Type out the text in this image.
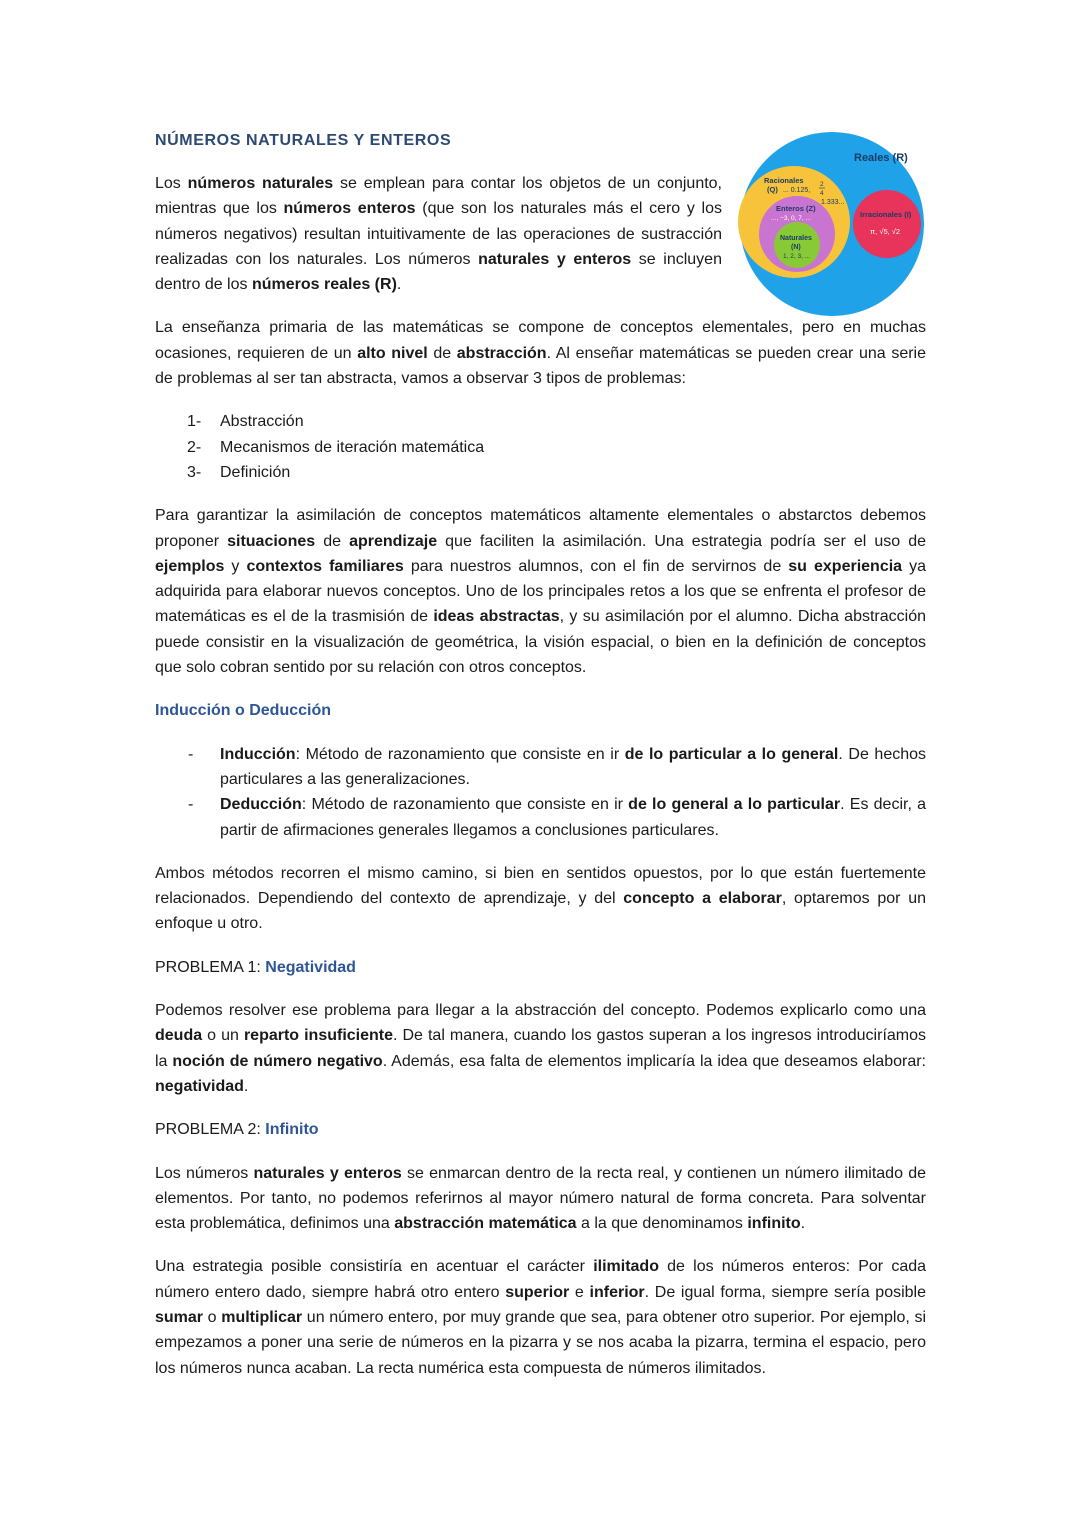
Reales (R)
Racionales
(Q) ... 0.125,
2
4
1.333...
Enteros (Z)
..., −3, 0, 7, ...
Naturales
(N)
1, 2, 3, ...
Irracionales (I)
π, √5, √2
NÚMEROS NATURALES Y ENTEROS
Los números naturales se emplean para contar los objetos de un conjunto, mientras que los números enteros (que son los naturales más el cero y los números negativos) resultan intuitivamente de las operaciones de sustracción realizadas con los naturales. Los números naturales y enteros se incluyen dentro de los números reales (R).

La enseñanza primaria de las matemáticas se compone de conceptos elementales, pero en muchas ocasiones, requieren de un alto nivel de abstracción. Al enseñar matemáticas se pueden crear una serie de problemas al ser tan abstracta, vamos a observar 3 tipos de problemas:

1- Abstracción
2- Mecanismos de iteración matemática
3- Definición

Para garantizar la asimilación de conceptos matemáticos altamente elementales o abstarctos debemos proponer situaciones de aprendizaje que faciliten la asimilación. Una estrategia podría ser el uso de ejemplos y contextos familiares para nuestros alumnos, con el fin de servirnos de su experiencia ya adquirida para elaborar nuevos conceptos. Uno de los principales retos a los que se enfrenta el profesor de matemáticas es el de la trasmisión de ideas abstractas, y su asimilación por el alumno. Dicha abstracción puede consistir en la visualización de geométrica, la visión espacial, o bien en la definición de conceptos que solo cobran sentido por su relación con otros conceptos.

Inducción o Deducción
- Inducción: Método de razonamiento que consiste en ir de lo particular a lo general. De hechos particulares a las generalizaciones.
- Deducción: Método de razonamiento que consiste en ir de lo general a lo particular. Es decir, a partir de afirmaciones generales llegamos a conclusiones particulares.

Ambos métodos recorren el mismo camino, si bien en sentidos opuestos, por lo que están fuertemente relacionados. Dependiendo del contexto de aprendizaje, y del concepto a elaborar, optaremos por un enfoque u otro.

PROBLEMA 1: Negatividad

Podemos resolver ese problema para llegar a la abstracción del concepto. Podemos explicarlo como una deuda o un reparto insuficiente. De tal manera, cuando los gastos superan a los ingresos introduciríamos la noción de número negativo. Además, esa falta de elementos implicaría la idea que deseamos elaborar: negatividad.

PROBLEMA 2: Infinito

Los números naturales y enteros se enmarcan dentro de la recta real, y contienen un número ilimitado de elementos. Por tanto, no podemos referirnos al mayor número natural de forma concreta. Para solventar esta problemática, definimos una abstracción matemática a la que denominamos infinito.

Una estrategia posible consistiría en acentuar el carácter ilimitado de los números enteros: Por cada número entero dado, siempre habrá otro entero superior e inferior. De igual forma, siempre sería posible sumar o multiplicar un número entero, por muy grande que sea, para obtener otro superior. Por ejemplo, si empezamos a poner una serie de números en la pizarra y se nos acaba la pizarra, termina el espacio, pero los números nunca acaban. La recta numérica esta compuesta de números ilimitados.
